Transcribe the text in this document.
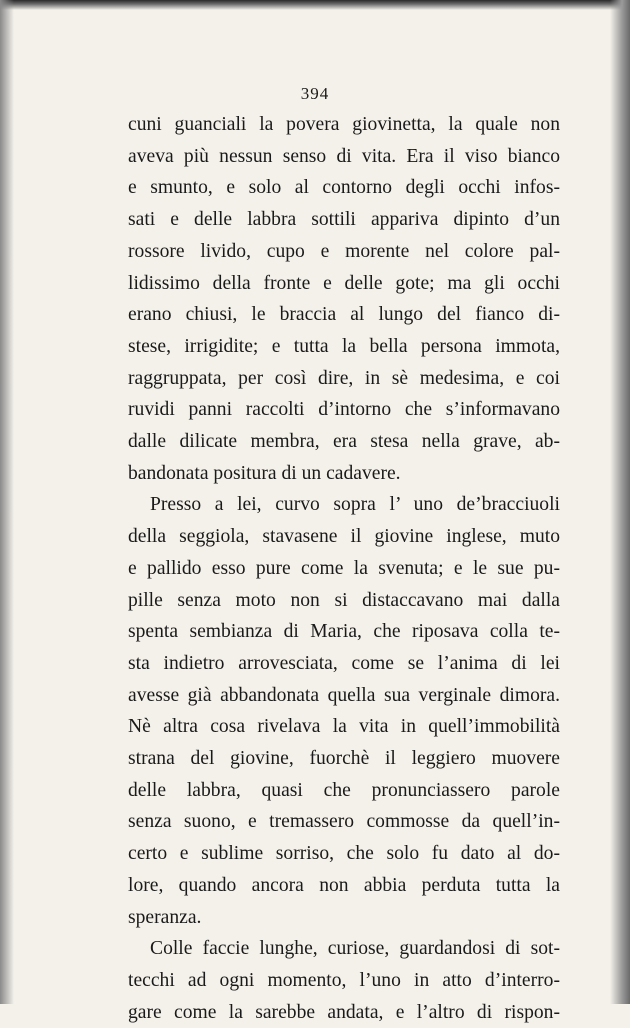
394
cuni guanciali la povera giovinetta, la quale non
aveva più nessun senso di vita. Era il viso bianco
e smunto, e solo al contorno degli occhi infos-
sati e delle labbra sottili appariva dipinto d’un
rossore livido, cupo e morente nel colore pal-
lidissimo della fronte e delle gote; ma gli occhi
erano chiusi, le braccia al lungo del fianco di-
stese, irrigidite; e tutta la bella persona immota,
raggruppata, per così dire, in sè medesima, e coi
ruvidi panni raccolti d’intorno che s’informavano
dalle dilicate membra, era stesa nella grave, ab-
bandonata positura di un cadavere.
Presso a lei, curvo sopra l’ uno de’bracciuoli
della seggiola, stavasene il giovine inglese, muto
e pallido esso pure come la svenuta; e le sue pu-
pille senza moto non si distaccavano mai dalla
spenta sembianza di Maria, che riposava colla te-
sta indietro arrovesciata, come se l’anima di lei
avesse già abbandonata quella sua verginale dimora.
Nè altra cosa rivelava la vita in quell’immobilità
strana del giovine, fuorchè il leggiero muovere
delle labbra, quasi che pronunciassero parole
senza suono, e tremassero commosse da quell’in-
certo e sublime sorriso, che solo fu dato al do-
lore, quando ancora non abbia perduta tutta la
speranza.
Colle faccie lunghe, curiose, guardandosi di sot-
tecchi ad ogni momento, l’uno in atto d’interro-
gare come la sarebbe andata, e l’altro di rispon-
